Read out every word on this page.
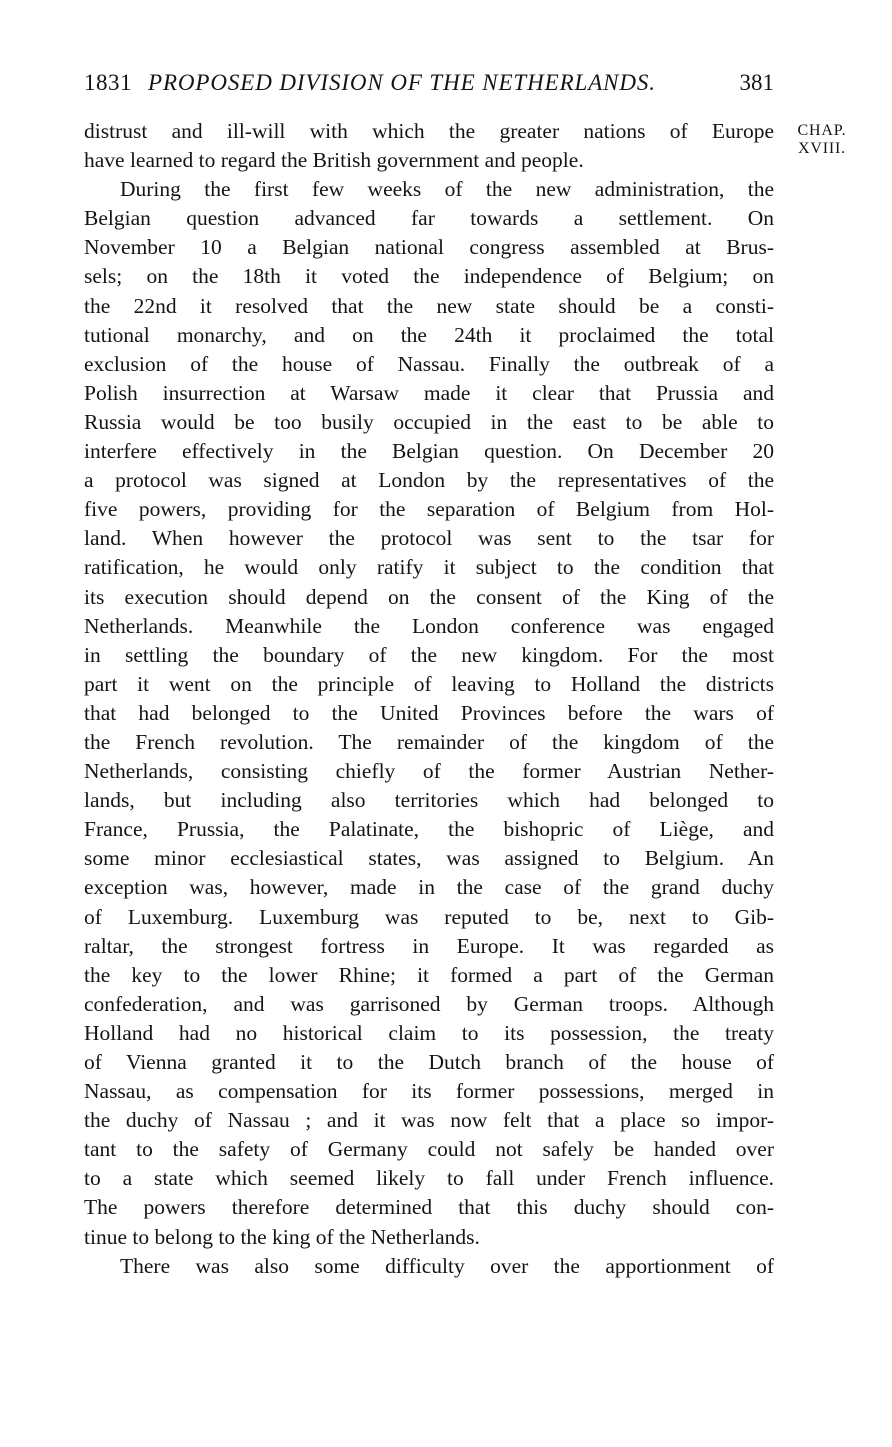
1831 PROPOSED DIVISION OF THE NETHERLANDS.	381
CHAP.
XVIII.
distrust and ill-will with which the greater nations of Europe
have learned to regard the British government and people.
During the first few weeks of the new administration, the
Belgian question advanced far towards a settlement. On
November 10 a Belgian national congress assembled at Brus-
sels; on the 18th it voted the independence of Belgium; on
the 22nd it resolved that the new state should be a consti-
tutional monarchy, and on the 24th it proclaimed the total
exclusion of the house of Nassau. Finally the outbreak of a
Polish insurrection at Warsaw made it clear that Prussia and
Russia would be too busily occupied in the east to be able to
interfere effectively in the Belgian question. On December 20
a protocol was signed at London by the representatives of the
five powers, providing for the separation of Belgium from Hol-
land. When however the protocol was sent to the tsar for
ratification, he would only ratify it subject to the condition that
its execution should depend on the consent of the King of the
Netherlands. Meanwhile the London conference was engaged
in settling the boundary of the new kingdom. For the most
part it went on the principle of leaving to Holland the districts
that had belonged to the United Provinces before the wars of
the French revolution. The remainder of the kingdom of the
Netherlands, consisting chiefly of the former Austrian Nether-
lands, but including also territories which had belonged to
France, Prussia, the Palatinate, the bishopric of Liège, and
some minor ecclesiastical states, was assigned to Belgium. An
exception was, however, made in the case of the grand duchy
of Luxemburg. Luxemburg was reputed to be, next to Gib-
raltar, the strongest fortress in Europe. It was regarded as
the key to the lower Rhine; it formed a part of the German
confederation, and was garrisoned by German troops. Although
Holland had no historical claim to its possession, the treaty
of Vienna granted it to the Dutch branch of the house of
Nassau, as compensation for its former possessions, merged in
the duchy of Nassau ; and it was now felt that a place so impor-
tant to the safety of Germany could not safely be handed over
to a state which seemed likely to fall under French influence.
The powers therefore determined that this duchy should con-
tinue to belong to the king of the Netherlands.
There was also some difficulty over the apportionment of
